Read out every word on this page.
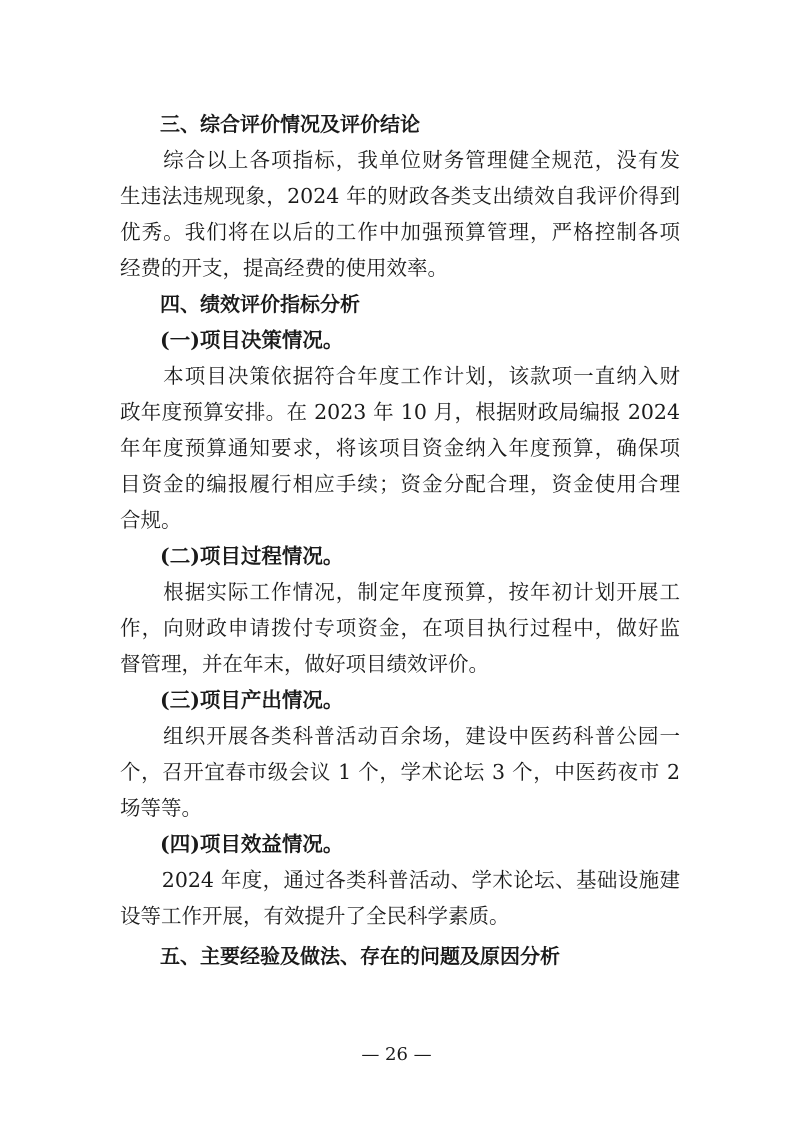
三、综合评价情况及评价结论
　　综合以上各项指标，我单位财务管理健全规范，没有发
生违法违规现象，2024 年的财政各类支出绩效自我评价得到
优秀。我们将在以后的工作中加强预算管理，严格控制各项
经费的开支，提高经费的使用效率。
四、绩效评价指标分析
(一)项目决策情况。
　　本项目决策依据符合年度工作计划，该款项一直纳入财
政年度预算安排。在 2023 年 10 月，根据财政局编报 2024
年年度预算通知要求，将该项目资金纳入年度预算，确保项
目资金的编报履行相应手续；资金分配合理，资金使用合理
合规。
(二)项目过程情况。
　　根据实际工作情况，制定年度预算，按年初计划开展工
作，向财政申请拨付专项资金，在项目执行过程中，做好监
督管理，并在年末，做好项目绩效评价。
(三)项目产出情况。
　　组织开展各类科普活动百余场，建设中医药科普公园一
个，召开宜春市级会议 1 个，学术论坛 3 个，中医药夜市 2
场等等。
(四)项目效益情况。
　　2024 年度，通过各类科普活动、学术论坛、基础设施建
设等工作开展，有效提升了全民科学素质。
五、主要经验及做法、存在的问题及原因分析
— 26 —
